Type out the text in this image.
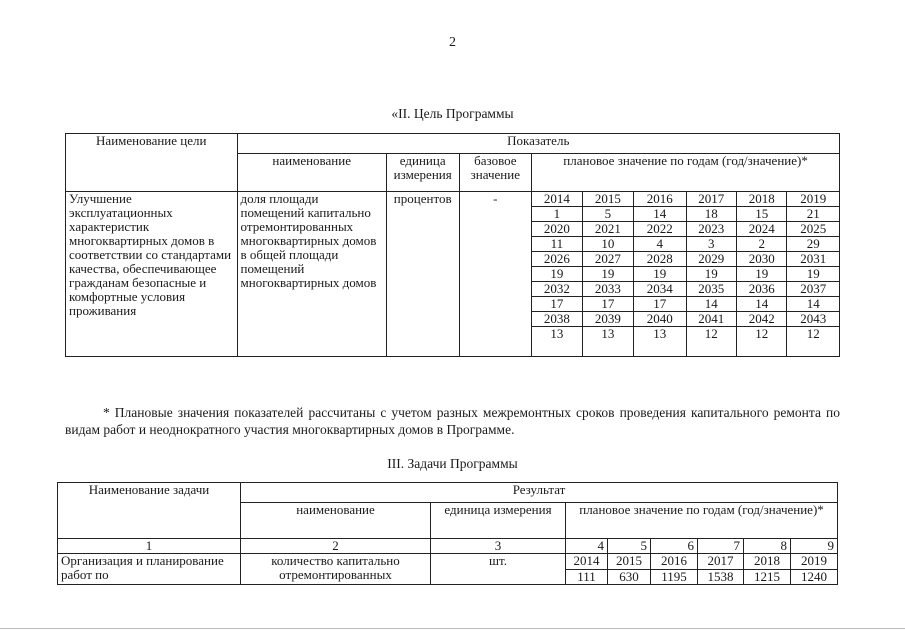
2
«II. Цель Программы
Наименование цели	Показатель								
	наименование	единица измерения	базовое значение	плановое значение по годам (год/значение)*					
Улучшение эксплуатационных характеристик многоквартирных домов в соответствии со стандартами качества, обеспечивающее гражданам безопасные и комфортные условия проживания	доля площади помещений капитально отремонтированных многоквартирных домов в общей площади помещений многоквартирных домов	процентов	-	2014	2015	2016	2017	2018	2019
				1	5	14	18	15	21
				2020	2021	2022	2023	2024	2025
				11	10	4	3	2	29
				2026	2027	2028	2029	2030	2031
				19	19	19	19	19	19
				2032	2033	2034	2035	2036	2037
				17	17	17	14	14	14
				2038	2039	2040	2041	2042	2043
				13	13	13	12	12	12
* Плановые значения показателей рассчитаны с учетом разных межремонтных сроков проведения капитального ремонта по видам работ и неоднократного участия многоквартирных домов в Программе.
III. Задачи Программы
Наименование задачи	Результат							
	наименование	единица измерения	плановое значение по годам (год/значение)*					
1	2	3	4	5	6	7	8	9
Организация и планирование работ по	количество капитально отремонтированных	шт.	2014	2015	2016	2017	2018	2019
			111	630	1195	1538	1215	1240
